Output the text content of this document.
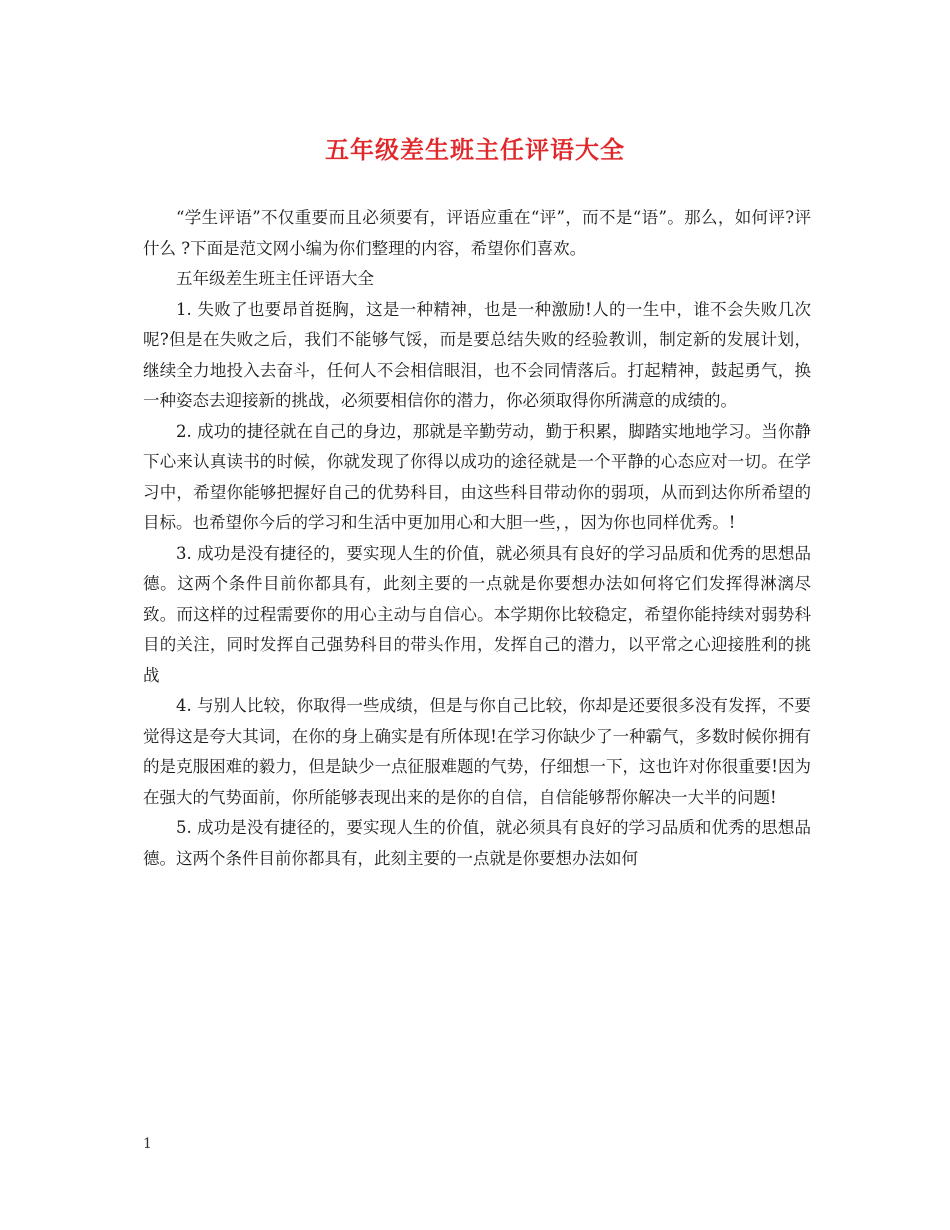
五年级差生班主任评语大全

“学生评语”不仅重要而且必须要有，评语应重在“评”，而不是“语”。那么，如何评?评什么 ?下面是范文网小编为你们整理的内容，希望你们喜欢。

五年级差生班主任评语大全

1. 失败了也要昂首挺胸，这是一种精神，也是一种激励!人的一生中，谁不会失败几次呢?但是在失败之后，我们不能够气馁，而是要总结失败的经验教训，制定新的发展计划，继续全力地投入去奋斗，任何人不会相信眼泪，也不会同情落后。打起精神，鼓起勇气，换一种姿态去迎接新的挑战，必须要相信你的潜力，你必须取得你所满意的成绩的。

2. 成功的捷径就在自己的身边，那就是辛勤劳动，勤于积累，脚踏实地地学习。当你静下心来认真读书的时候，你就发现了你得以成功的途径就是一个平静的心态应对一切。在学习中，希望你能够把握好自己的优势科目，由这些科目带动你的弱项，从而到达你所希望的目标。也希望你今后的学习和生活中更加用心和大胆一些，，因为你也同样优秀。!

3. 成功是没有捷径的，要实现人生的价值，就必须具有良好的学习品质和优秀的思想品德。这两个条件目前你都具有，此刻主要的一点就是你要想办法如何将它们发挥得淋漓尽致。而这样的过程需要你的用心主动与自信心。本学期你比较稳定，希望你能持续对弱势科目的关注，同时发挥自己强势科目的带头作用，发挥自己的潜力，以平常之心迎接胜利的挑战

4. 与别人比较，你取得一些成绩，但是与你自己比较，你却是还要很多没有发挥，不要觉得这是夸大其词，在你的身上确实是有所体现!在学习你缺少了一种霸气，多数时候你拥有的是克服困难的毅力，但是缺少一点征服难题的气势，仔细想一下，这也许对你很重要!因为在强大的气势面前，你所能够表现出来的是你的自信，自信能够帮你解决一大半的问题!

5. 成功是没有捷径的，要实现人生的价值，就必须具有良好的学习品质和优秀的思想品德。这两个条件目前你都具有，此刻主要的一点就是你要想办法如何

1
